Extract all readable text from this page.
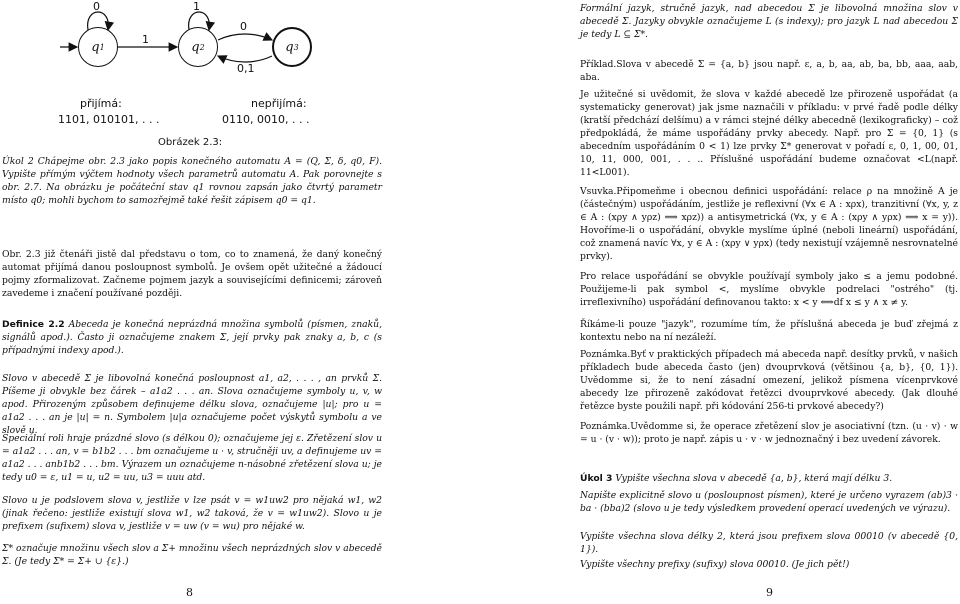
q 1	q 2	q 3
0
1
1
0
0,1
přijímá:
1101, 010101, . . .
nepřijímá:
0110, 0010, . . .
Obrázek 2.3:

Úkol 2 Chápejme obr. 2.3 jako popis konečného automatu A = (Q, Σ, δ, q0, F). Vypište přímým výčtem hodnoty všech parametrů automatu A. Pak porovnejte s obr. 2.7. Na obrázku je počáteční stav q1 rovnou zapsán jako čtvrtý parametr místo q0; mohli bychom to samozřejmě také řešit zápisem q0 = q1.

Obr. 2.3 již čtenáři jistě dal představu o tom, co to znamená, že daný konečný automat přijímá danou posloupnost symbolů. Je ovšem opět užitečné a žádoucí pojmy zformalizovat. Začneme pojmem jazyk a souvisejícími definicemi; zároveň zavedeme i značení používané později.

Definice 2.2 Abeceda je konečná neprázdná množina symbolů (písmen, znaků, signálů apod.). Často ji označujeme znakem Σ, její prvky pak znaky a, b, c (s případnými indexy apod.).

Slovo v abecedě Σ je libovolná konečná posloupnost a1, a2, . . . , an prvků Σ. Píšeme ji obvykle bez čárek – a1a2 . . . an. Slova označujeme symboly u, v, w apod. Přirozeným způsobem definujeme délku slova, označujeme |u|; pro u = a1a2 . . . an je |u| = n. Symbolem |u|a označujeme počet výskytů symbolu a ve slově u.

Speciální roli hraje prázdné slovo (s délkou 0); označujeme jej ε. Zřetězení slov u = a1a2 . . . an, v = b1b2 . . . bm označujeme u · v, stručněji uv, a definujeme uv = a1a2 . . . anb1b2 . . . bm. Výrazem un označujeme n-násobné zřetězení slova u; je tedy u0 = ε, u1 = u, u2 = uu, u3 = uuu atd.

Slovo u je podslovem slova v, jestliže v lze psát v = w1uw2 pro nějaká w1, w2 (jinak řečeno: jestliže existují slova w1, w2 taková, že v = w1uw2). Slovo u je prefixem (sufixem) slova v, jestliže v = uw (v = wu) pro nějaké w.

Σ* označuje množinu všech slov a Σ+ množinu všech neprázdných slov v abecedě Σ. (Je tedy Σ* = Σ+ ∪ {ε}.)

8

Formální jazyk, stručně jazyk, nad abecedou Σ je libovolná množina slov v abecedě Σ. Jazyky obvykle označujeme L (s indexy); pro jazyk L nad abecedou Σ je tedy L ⊆ Σ*.

Příklad.Slova v abecedě Σ = {a, b} jsou např. ε, a, b, aa, ab, ba, bb, aaa, aab, aba.

Je užitečné si uvědomit, že slova v každé abecedě lze přirozeně uspořádat (a systematicky generovat) jak jsme naznačili v příkladu: v prvé řadě podle délky (kratší předchází delšímu) a v rámci stejné délky abecedně (lexikograficky) – což předpokládá, že máme uspořádány prvky abecedy. Např. pro Σ = {0, 1} (s abecedním uspořádáním 0 < 1) lze prvky Σ* generovat v pořadí ε, 0, 1, 00, 01, 10, 11, 000, 001, . . .. Příslušné uspořádání budeme označovat <L(např. 11<L001).

Vsuvka.Připomeňme i obecnou definici uspořádání: relace ρ na množině A je (částečným) uspořádáním, jestliže je reflexivní (∀x ∈ A : xρx), tranzitivní (∀x, y, z ∈ A : (xρy ∧ yρz) ⟹ xρz)) a antisymetrická (∀x, y ∈ A : (xρy ∧ yρx) ⟹ x = y)). Hovoříme-li o uspořádání, obvykle myslíme úplné (neboli lineární) uspořádání, což znamená navíc ∀x, y ∈ A : (xρy ∨ yρx) (tedy nexistují vzájemně nesrovnatelné prvky).

Pro relace uspořádání se obvykle používají symboly jako ≤ a jemu podobné. Použijeme-li pak symbol <, myslíme obvykle podrelaci "ostrého" (tj. irreflexivního) uspořádání definovanou takto: x < y ⟺df x ≤ y ∧ x ≠ y.

Říkáme-li pouze "jazyk", rozumíme tím, že příslušná abeceda je buď zřejmá z kontextu nebo na ní nezáleží.

Poznámka.Byť v praktických případech má abeceda např. desítky prvků, v našich příkladech bude abeceda často (jen) dvouprvková (většinou {a, b}, {0, 1}). Uvědomme si, že to není zásadní omezení, jelikož písmena vícenprvkové abecedy lze přirozeně zakódovat řetězci dvouprvkové abecedy. (Jak dlouhé řetězce byste použili např. při kódování 256-ti prvkové abecedy?)

Poznámka.Uvědomme si, že operace zřetězení slov je asociativní (tzn. (u · v) · w = u · (v · w)); proto je např. zápis u · v · w jednoznačný i bez uvedení závorek.

Úkol 3 Vypište všechna slova v abecedě {a, b}, která mají délku 3.

Napište explicitně slovo u (posloupnost písmen), které je určeno vyrazem (ab)3 · ba · (bba)2 (slovo u je tedy výsledkem provedení operací uvedených ve výrazu).

Vypište všechna slova délky 2, která jsou prefixem slova 00010 (v abecedě {0, 1}).

Vypište všechny prefixy (sufixy) slova 00010. (Je jich pět!)

9
